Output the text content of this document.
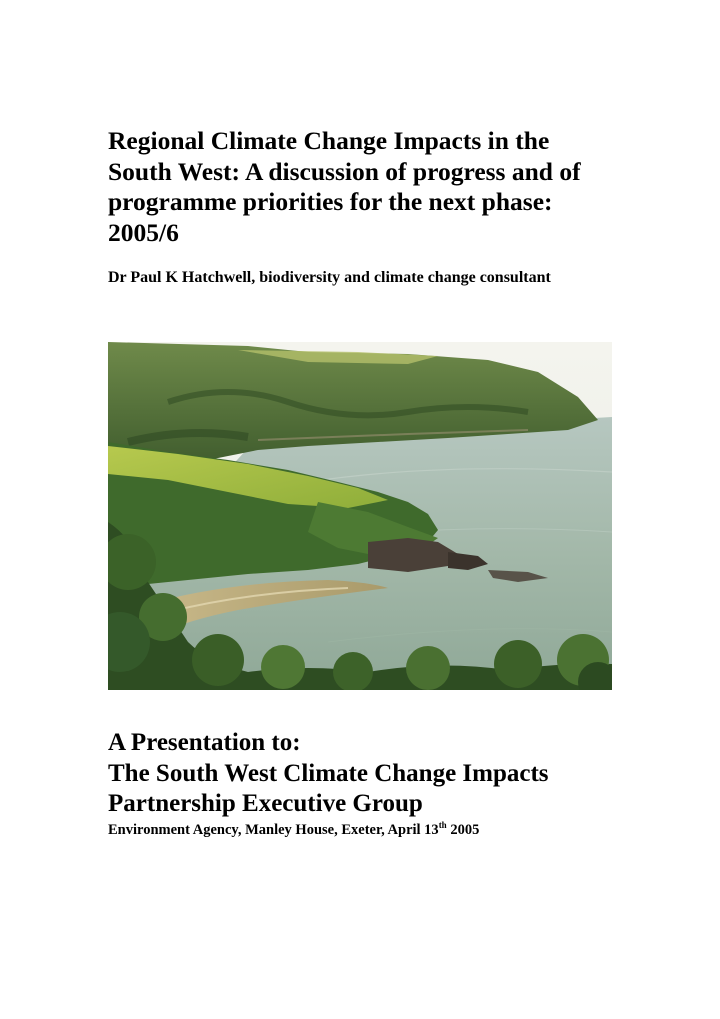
Regional Climate Change Impacts in the South West: A discussion of progress and of programme priorities for the next phase: 2005/6

Dr Paul K Hatchwell, biodiversity and climate change consultant

A Presentation to:
The South West Climate Change Impacts
Partnership Executive Group
Environment Agency, Manley House, Exeter, April 13th 2005
